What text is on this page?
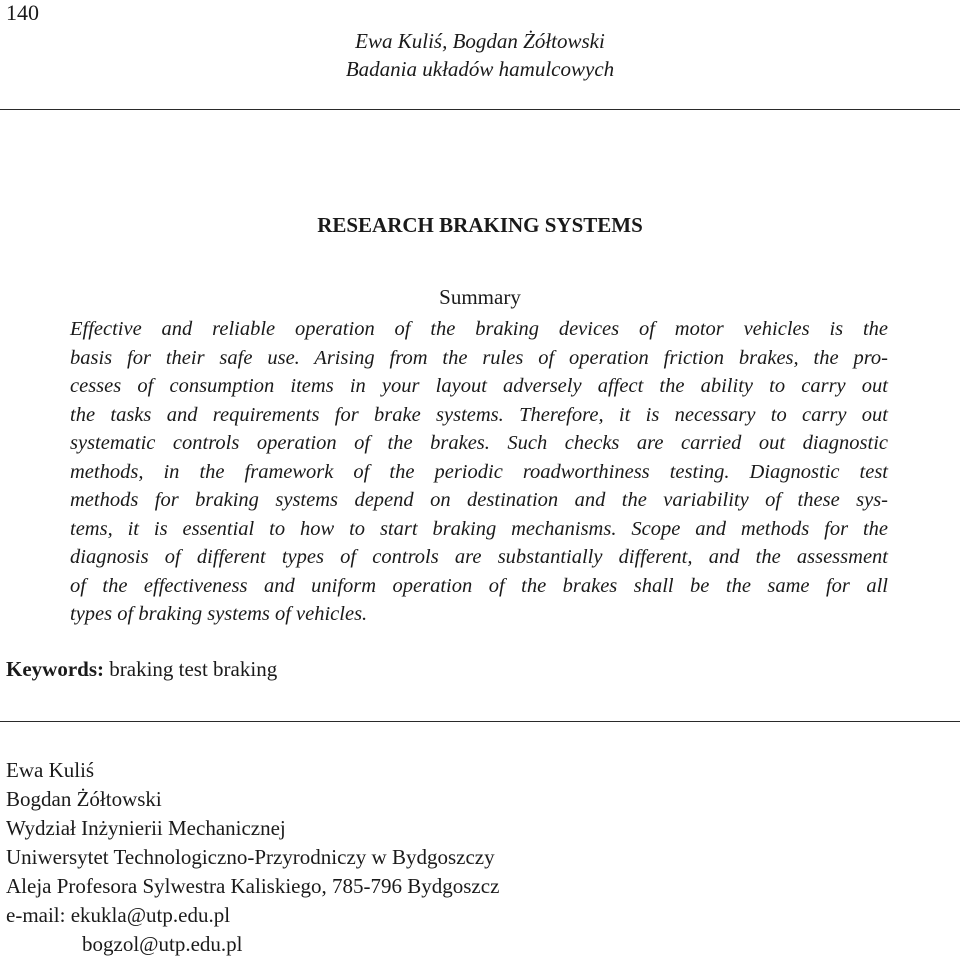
140
Ewa Kuliś, Bogdan Żółtowski
Badania układów hamulcowych
RESEARCH BRAKING SYSTEMS
Summary
Effective and reliable operation of the braking devices of motor vehicles is the
basis for their safe use. Arising from the rules of operation friction brakes, the pro-
cesses of consumption items in your layout adversely affect the ability to carry out
the tasks and requirements for brake systems. Therefore, it is necessary to carry out
systematic controls operation of the brakes. Such checks are carried out diagnostic
methods, in the framework of the periodic roadworthiness testing. Diagnostic test
methods for braking systems depend on destination and the variability of these sys-
tems, it is essential to how to start braking mechanisms. Scope and methods for the
diagnosis of different types of controls are substantially different, and the assessment
of the effectiveness and uniform operation of the brakes shall be the same for all
types of braking systems of vehicles.
Keywords: braking test braking
Ewa Kuliś
Bogdan Żółtowski
Wydział Inżynierii Mechanicznej
Uniwersytet Technologiczno-Przyrodniczy w Bydgoszczy
Aleja Profesora Sylwestra Kaliskiego, 785-796 Bydgoszcz
e-mail: ekukla@utp.edu.pl
bogzol@utp.edu.pl
